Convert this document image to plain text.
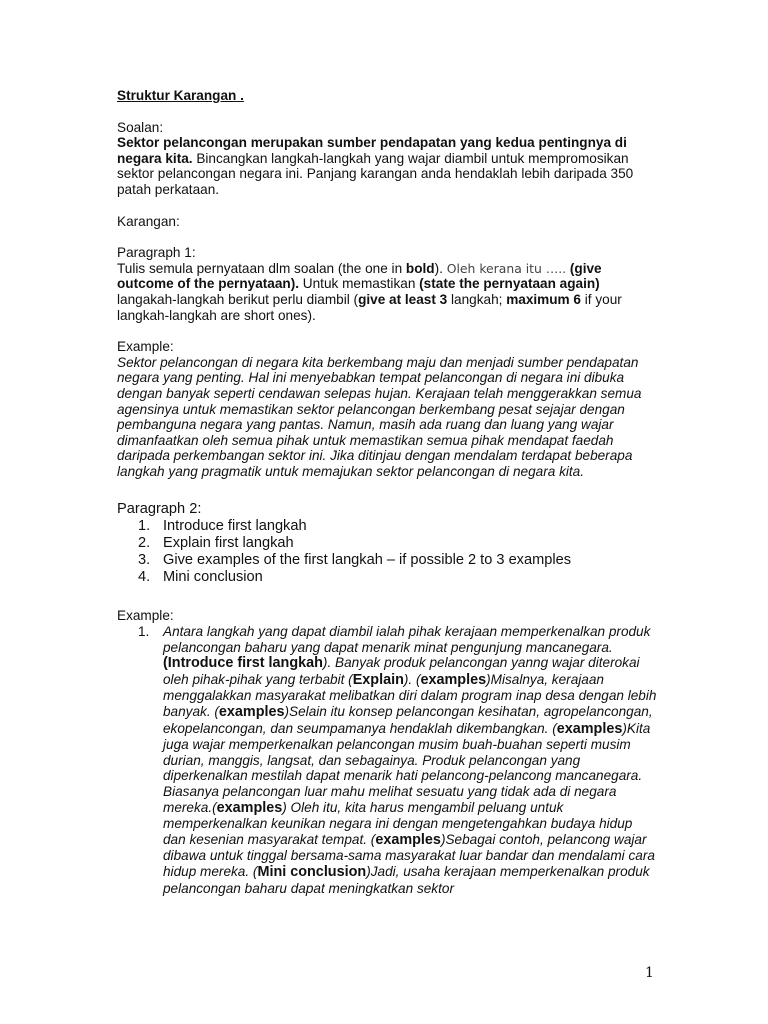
Struktur Karangan .

Soalan:

Sektor pelancongan merupakan sumber pendapatan yang kedua pentingnya di negara kita. Bincangkan langkah-langkah yang wajar diambil untuk mempromosikan sektor pelancongan negara ini. Panjang karangan anda hendaklah lebih daripada 350 patah perkataan.

Karangan:

Paragraph 1:

Tulis semula pernyataan dlm soalan (the one in bold). Oleh kerana itu ….. (give outcome of the pernyataan). Untuk memastikan (state the pernyataan again) langakah-langkah berikut perlu diambil (give at least 3 langkah; maximum 6 if your langkah-langkah are short ones).

Example:

Sektor pelancongan di negara kita berkembang maju dan menjadi sumber pendapatan negara yang penting. Hal ini menyebabkan tempat pelancongan di negara ini dibuka dengan banyak seperti cendawan selepas hujan. Kerajaan telah menggerakkan semua agensinya untuk memastikan sektor pelancongan berkembang pesat sejajar dengan pembanguna negara yang pantas. Namun, masih ada ruang dan luang yang wajar dimanfaatkan oleh semua pihak untuk memastikan semua pihak mendapat faedah daripada perkembangan sektor ini. Jika ditinjau dengan mendalam terdapat beberapa langkah yang pragmatik untuk memajukan sektor pelancongan di negara kita.

Paragraph 2:

1. Introduce first langkah
2. Explain first langkah
3. Give examples of the first langkah – if possible 2 to 3 examples
4. Mini conclusion

Example:

1. Antara langkah yang dapat diambil ialah pihak kerajaan memperkenalkan produk pelancongan baharu yang dapat menarik minat pengunjung mancanegara.(Introduce first langkah). Banyak produk pelancongan yanng wajar diterokai oleh pihak-pihak yang terbabit (Explain). (examples)Misalnya, kerajaan menggalakkan masyarakat melibatkan diri dalam program inap desa dengan lebih banyak. (examples)Selain itu konsep pelancongan kesihatan, agropelancongan, ekopelancongan, dan seumpamanya hendaklah dikembangkan. (examples)Kita juga wajar memperkenalkan pelancongan musim buah-buahan seperti musim durian, manggis, langsat, dan sebagainya. Produk pelancongan yang diperkenalkan mestilah dapat menarik hati pelancong-pelancong mancanegara. Biasanya pelancongan luar mahu melihat sesuatu yang tidak ada di negara mereka.(examples) Oleh itu, kita harus mengambil peluang untuk memperkenalkan keunikan negara ini dengan mengetengahkan budaya hidup dan kesenian masyarakat tempat. (examples)Sebagai contoh, pelancong wajar dibawa untuk tinggal bersama-sama masyarakat luar bandar dan mendalami cara hidup mereka. (Mini conclusion)Jadi, usaha kerajaan memperkenalkan produk pelancongan baharu dapat meningkatkan sektor
1
